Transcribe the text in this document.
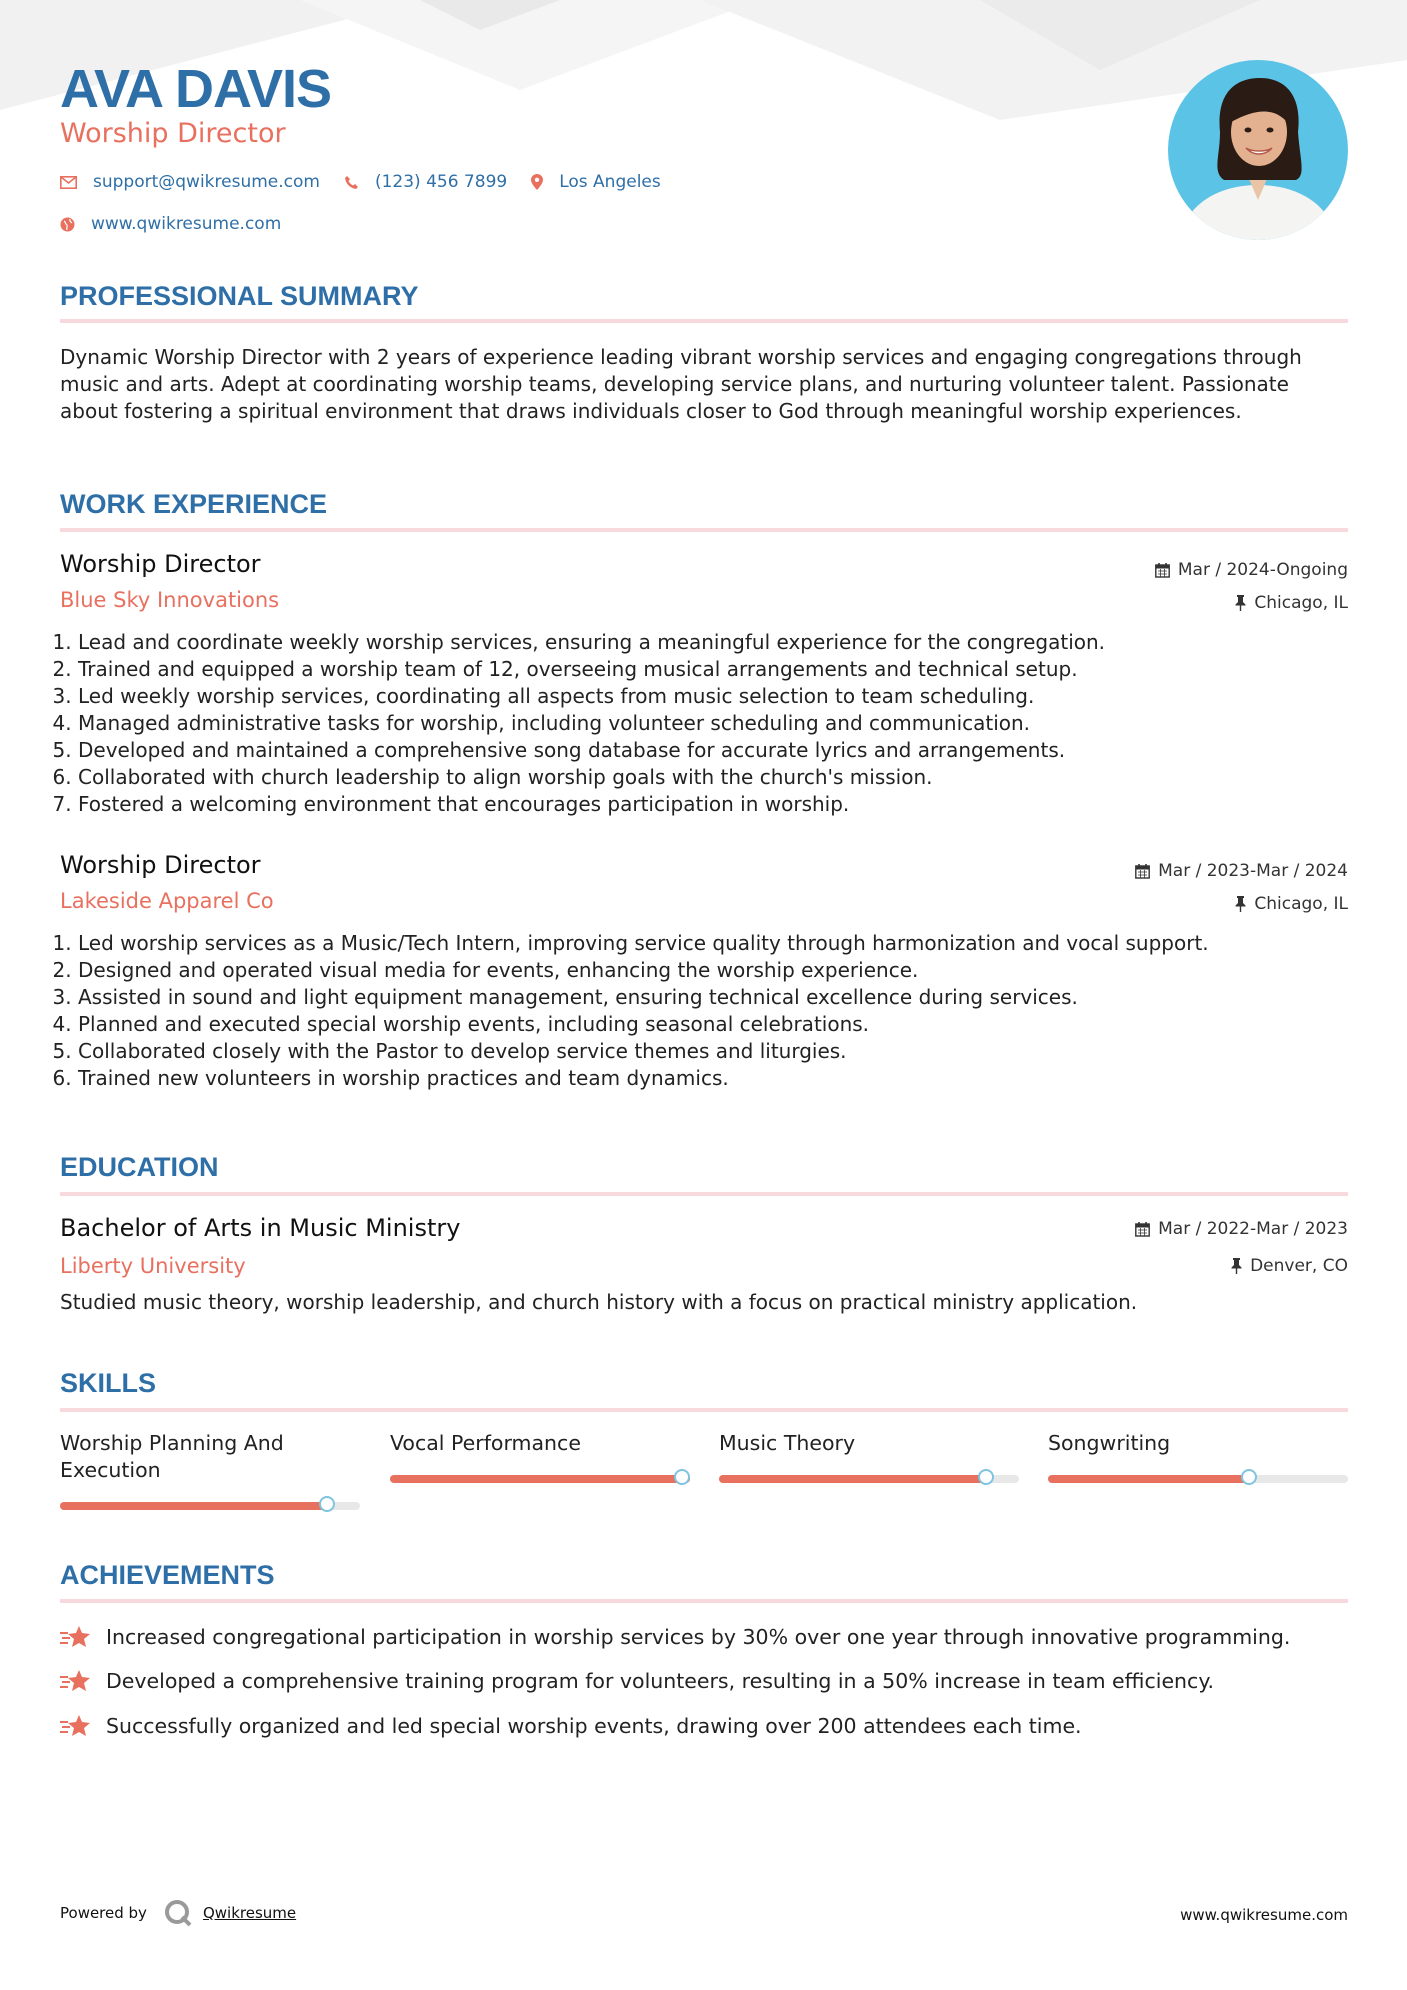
AVA DAVIS
Worship Director
support@qwikresume.com	(123) 456 7899	Los Angeles
www.qwikresume.com
PROFESSIONAL SUMMARY
Dynamic Worship Director with 2 years of experience leading vibrant worship services and engaging congregations through music and arts. Adept at coordinating worship teams, developing service plans, and nurturing volunteer talent. Passionate about fostering a spiritual environment that draws individuals closer to God through meaningful worship experiences.
WORK EXPERIENCE
Worship Director
Blue Sky Innovations
Mar / 2024-Ongoing
Chicago, IL
1. Lead and coordinate weekly worship services, ensuring a meaningful experience for the congregation.
2. Trained and equipped a worship team of 12, overseeing musical arrangements and technical setup.
3. Led weekly worship services, coordinating all aspects from music selection to team scheduling.
4. Managed administrative tasks for worship, including volunteer scheduling and communication.
5. Developed and maintained a comprehensive song database for accurate lyrics and arrangements.
6. Collaborated with church leadership to align worship goals with the church's mission.
7. Fostered a welcoming environment that encourages participation in worship.
Worship Director
Lakeside Apparel Co
Mar / 2023-Mar / 2024
Chicago, IL
1. Led worship services as a Music/Tech Intern, improving service quality through harmonization and vocal support.
2. Designed and operated visual media for events, enhancing the worship experience.
3. Assisted in sound and light equipment management, ensuring technical excellence during services.
4. Planned and executed special worship events, including seasonal celebrations.
5. Collaborated closely with the Pastor to develop service themes and liturgies.
6. Trained new volunteers in worship practices and team dynamics.
EDUCATION
Bachelor of Arts in Music Ministry
Liberty University
Mar / 2022-Mar / 2023
Denver, CO
Studied music theory, worship leadership, and church history with a focus on practical ministry application.
SKILLS
Worship Planning And Execution
Vocal Performance	Music Theory	Songwriting
ACHIEVEMENTS
Increased congregational participation in worship services by 30% over one year through innovative programming.
Developed a comprehensive training program for volunteers, resulting in a 50% increase in team efficiency.
Successfully organized and led special worship events, drawing over 200 attendees each time.
Powered by	Qwikresume	www.qwikresume.com
